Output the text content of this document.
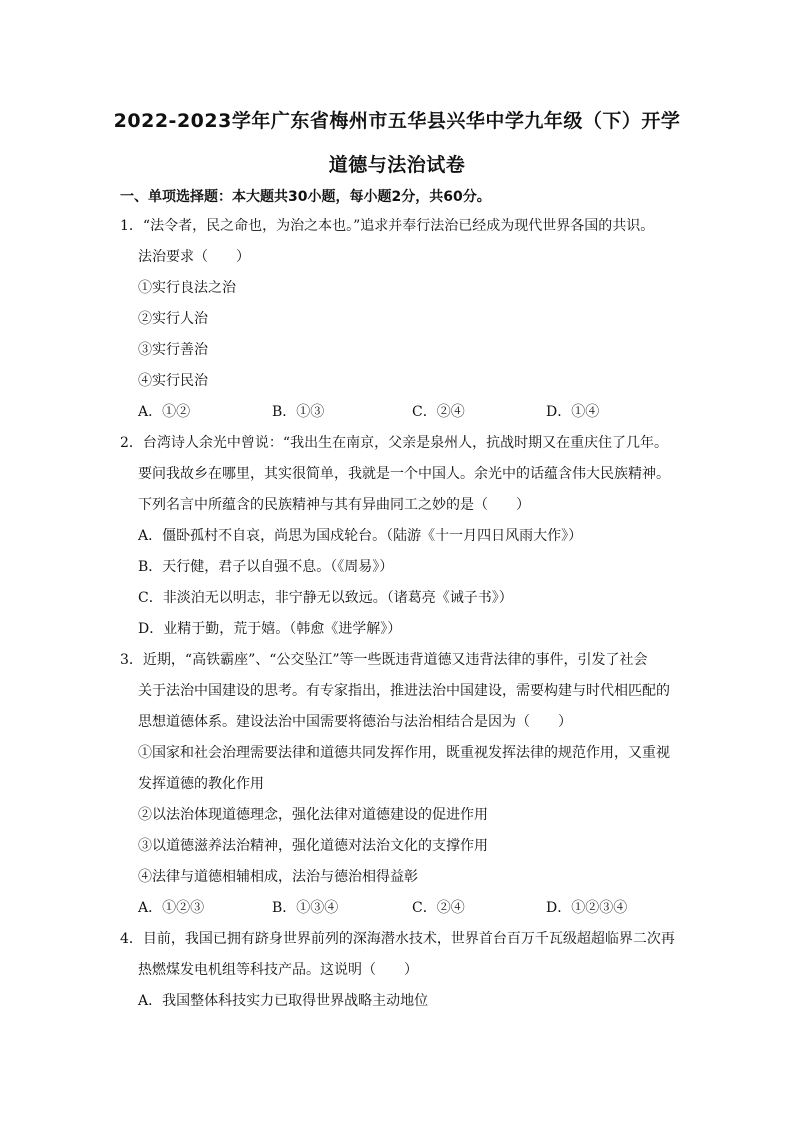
2022-2023学年广东省梅州市五华县兴华中学九年级（下）开学
道德与法治试卷
一、单项选择题：本大题共30小题，每小题2分，共60分。
1．“法令者，民之命也，为治之本也。”追求并奉行法治已经成为现代世界各国的共识。
法治要求（　　）
①实行良法之治
②实行人治
③实行善治
④实行民治
A．①②	B．①③	C．②④	D．①④
2．台湾诗人余光中曾说：“我出生在南京，父亲是泉州人，抗战时期又在重庆住了几年。
要问我故乡在哪里，其实很简单，我就是一个中国人。余光中的话蕴含伟大民族精神。
下列名言中所蕴含的民族精神与其有异曲同工之妙的是（　　）
A．僵卧孤村不自哀，尚思为国戍轮台。（陆游《十一月四日风雨大作》）
B．天行健，君子以自强不息。（《周易》）
C．非淡泊无以明志，非宁静无以致远。（诸葛亮《诫子书》）
D．业精于勤，荒于嬉。（韩愈《进学解》）
3．近期，“高铁霸座”、“公交坠江”等一些既违背道德又违背法律的事件，引发了社会
关于法治中国建设的思考。有专家指出，推进法治中国建设，需要构建与时代相匹配的
思想道德体系。建设法治中国需要将德治与法治相结合是因为（　　）
①国家和社会治理需要法律和道德共同发挥作用，既重视发挥法律的规范作用，又重视
发挥道德的教化作用
②以法治体现道德理念，强化法律对道德建设的促进作用
③以道德滋养法治精神，强化道德对法治文化的支撑作用
④法律与道德相辅相成，法治与德治相得益彰
A．①②③	B．①③④	C．②④	D．①②③④
4．目前，我国已拥有跻身世界前列的深海潜水技术，世界首台百万千瓦级超超临界二次再
热燃煤发电机组等科技产品。这说明（　　）
A．我国整体科技实力已取得世界战略主动地位
